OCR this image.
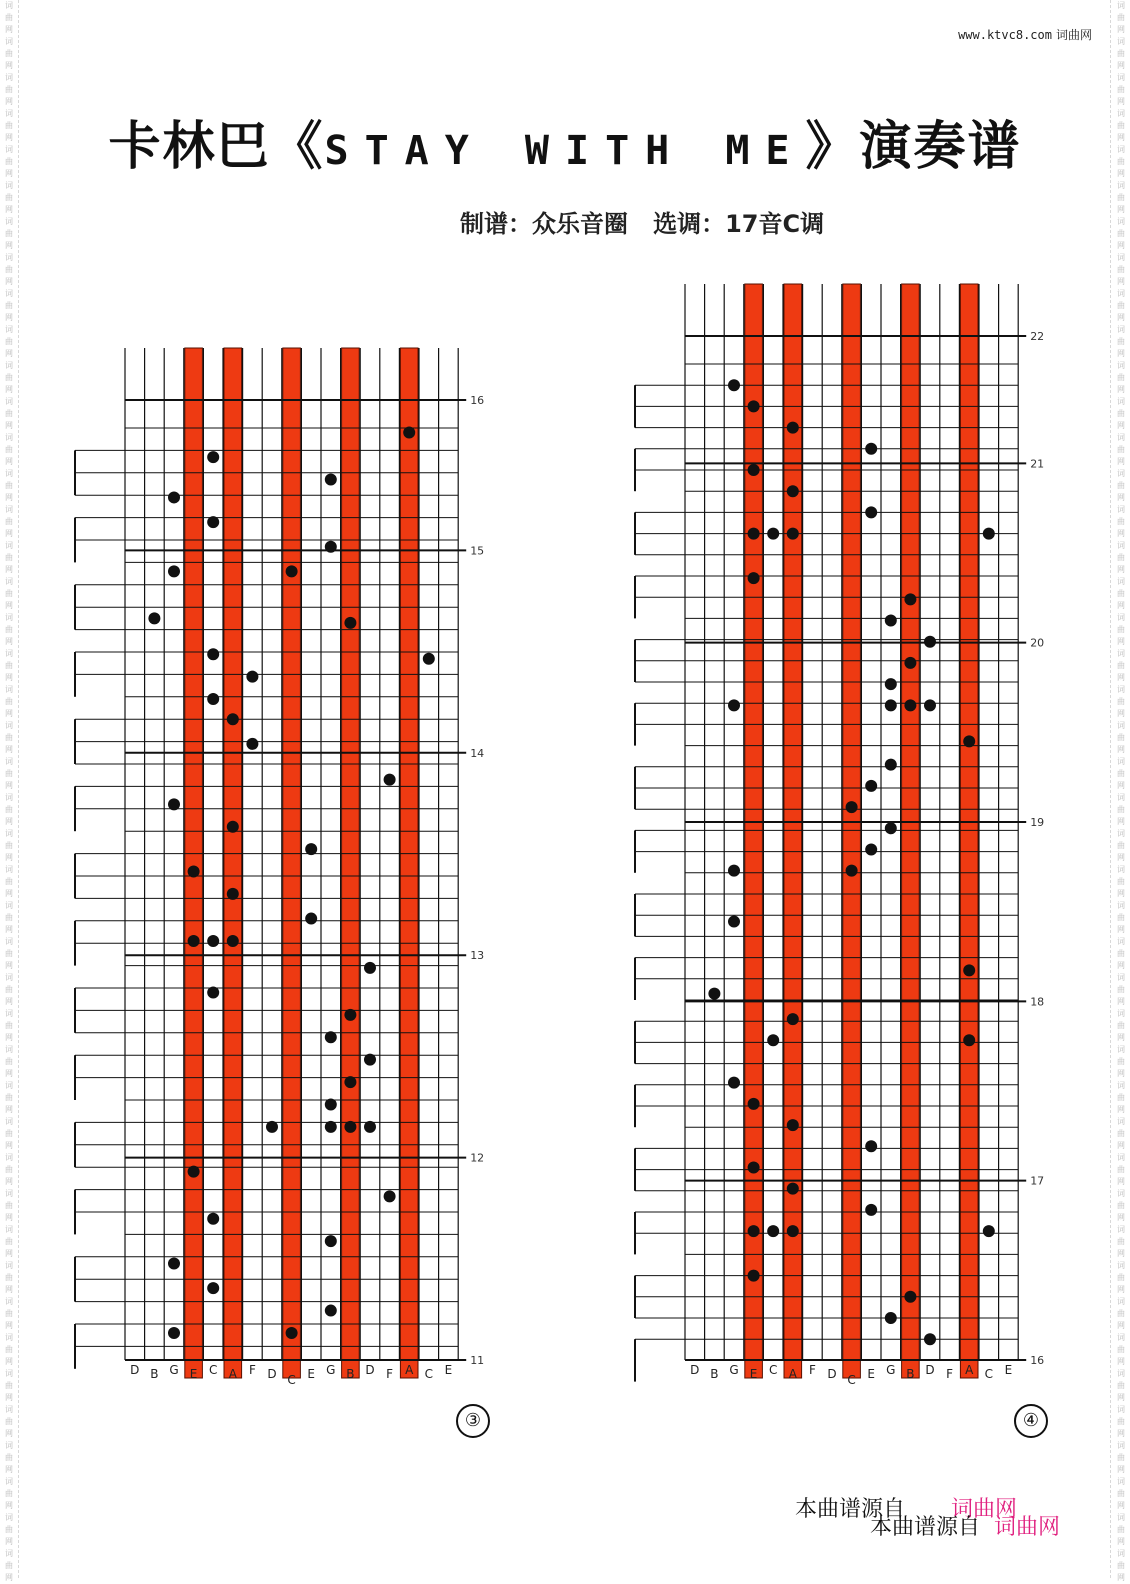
词曲网词曲网词曲网词曲网词曲网词曲网词曲网词曲网词曲网词曲网词曲网词曲网词曲网词曲网词曲网词曲网词曲网词曲网词曲网词曲网词曲网词曲网词曲网词曲网词曲网词曲网词曲网词曲网词曲网词曲网词曲网词曲网词曲网词曲网词曲网词曲网词曲网词曲网词曲网词曲网词曲网词曲网词曲网词曲网
词曲网词曲网词曲网词曲网词曲网词曲网词曲网词曲网词曲网词曲网词曲网词曲网词曲网词曲网词曲网词曲网词曲网词曲网词曲网词曲网词曲网词曲网词曲网词曲网词曲网词曲网词曲网词曲网词曲网词曲网词曲网词曲网词曲网词曲网词曲网词曲网词曲网词曲网词曲网词曲网词曲网词曲网词曲网词曲网
www.ktvc8.com 词曲网
卡林巴《STAY WITH ME》演奏谱
制谱：众乐音圈   选调：17音C调
16
15
14
13
12
11
D B G E C A F D C E G B D F A C E
③
22
21
20
19
18
17
16
D B G E C A F D C E G B D F A C E
④
本曲谱源自 词曲网
本曲谱源自 词曲网
